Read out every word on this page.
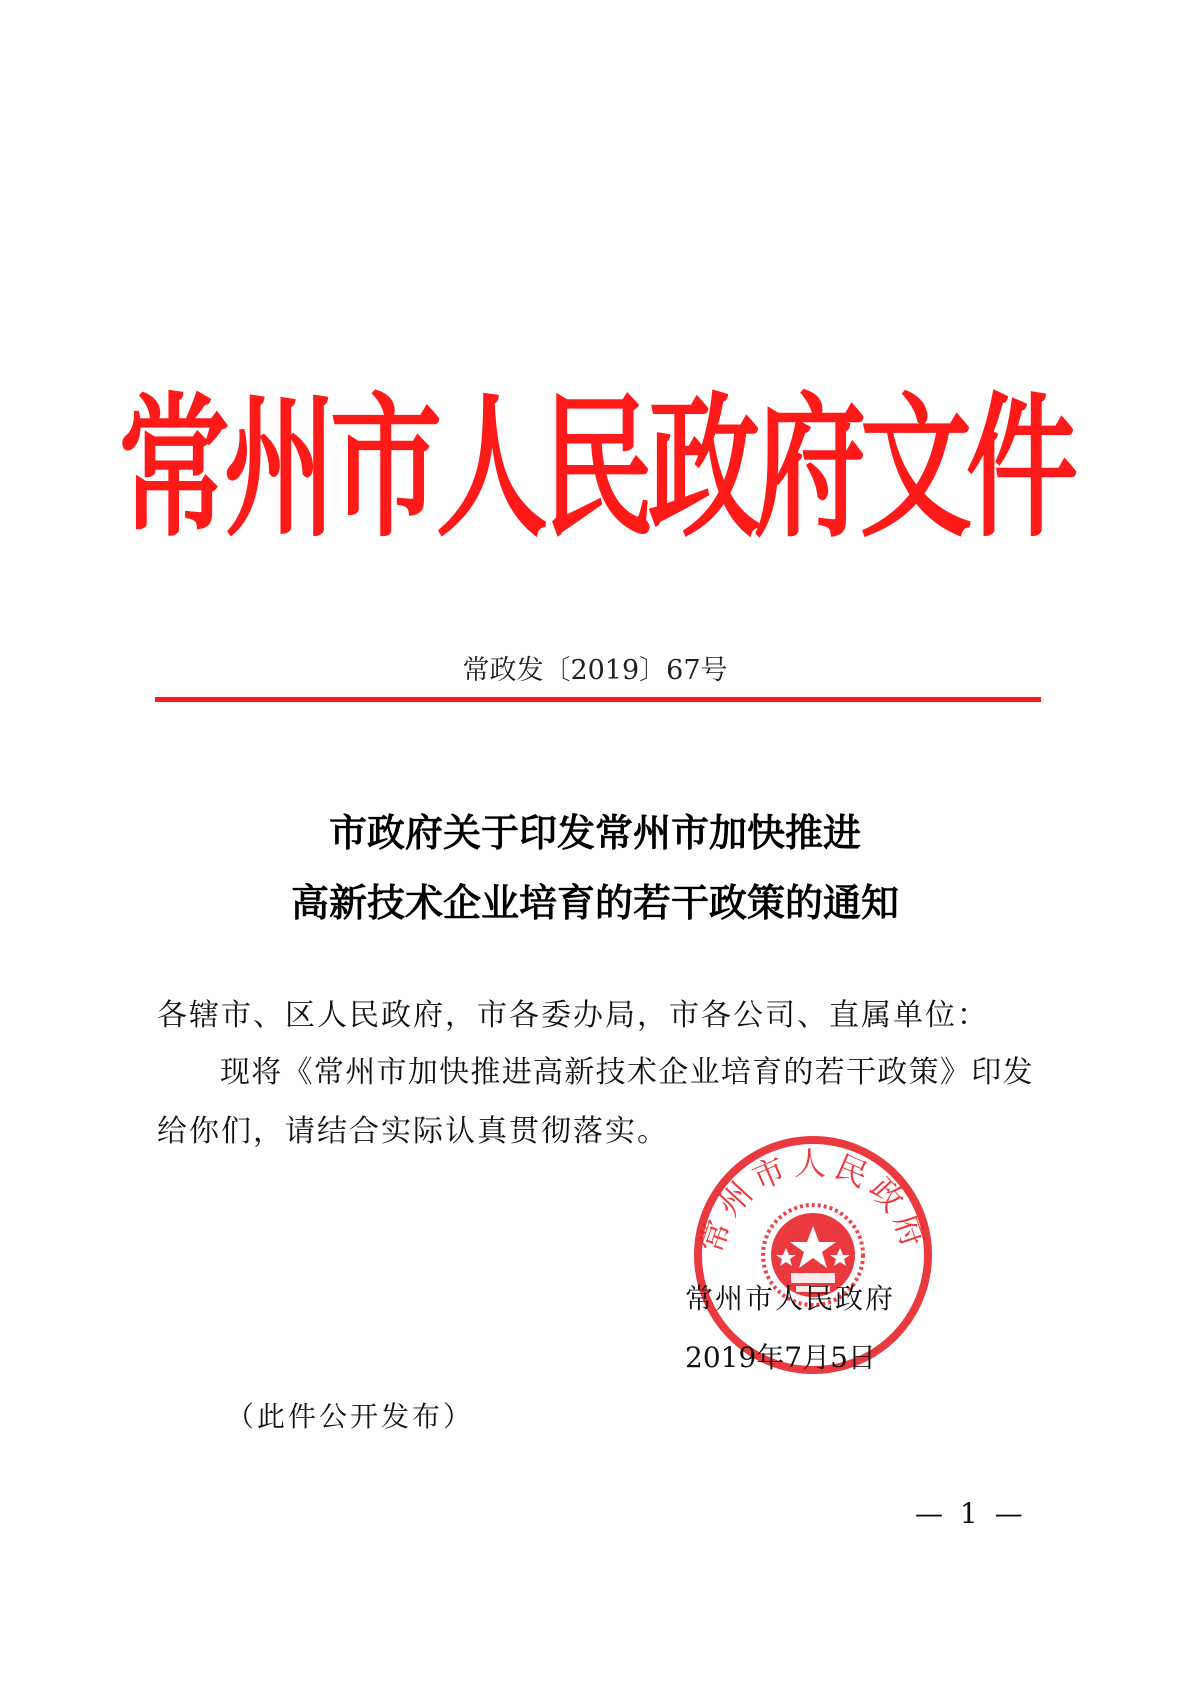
常州市人民政府文件
常政发〔2019〕67号
市政府关于印发常州市加快推进
高新技术企业培育的若干政策的通知
各辖市、区人民政府，市各委办局，市各公司、直属单位：
现将《常州市加快推进高新技术企业培育的若干政策》印发
给你们，请结合实际认真贯彻落实。
常州市人民政府
常州市人民政府
2019年7月5日
（此件公开发布）
— 1 —
